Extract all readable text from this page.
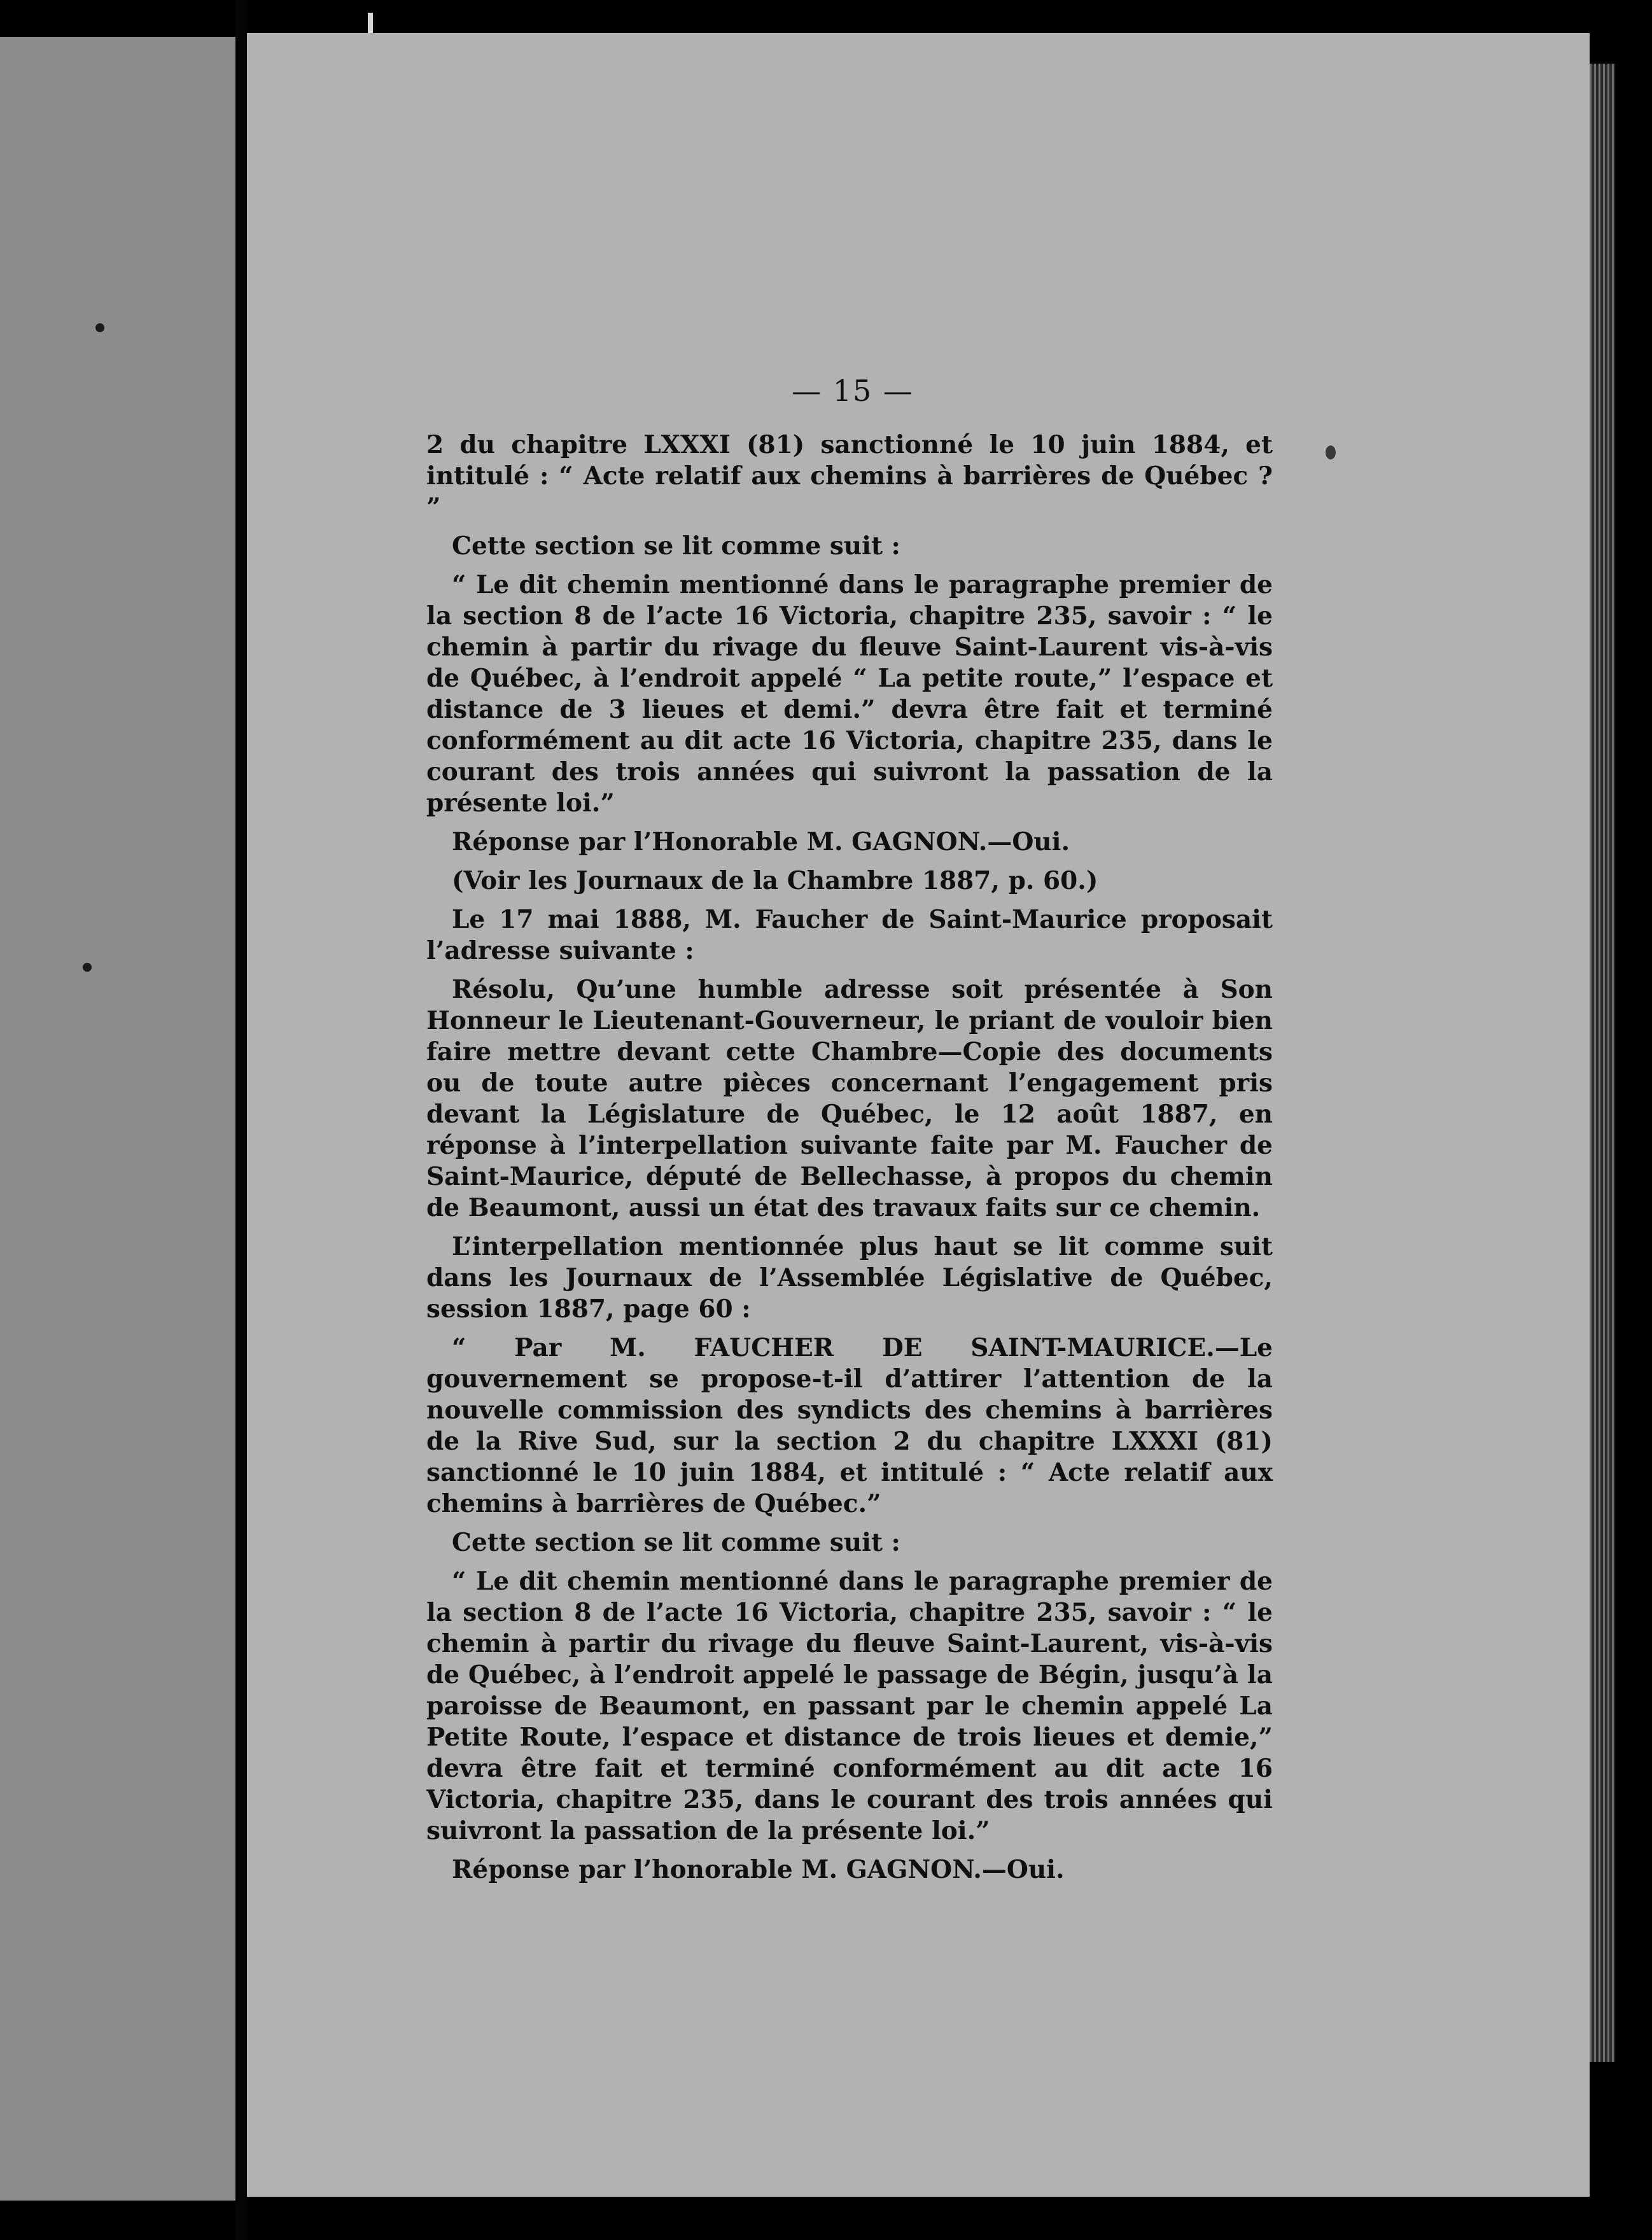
— 15 —

2 du chapitre LXXXI (81) sanctionné le 10 juin 1884, et intitulé : “ Acte relatif aux chemins à barrières de Québec ? ”

Cette section se lit comme suit :

“ Le dit chemin mentionné dans le paragraphe premier de la section 8 de l’acte 16 Victoria, chapitre 235, savoir : “ le chemin à partir du rivage du fleuve Saint-Laurent vis-à-vis de Québec, à l’endroit appelé “ La petite route,” l’espace et distance de 3 lieues et demi.” devra être fait et terminé conformément au dit acte 16 Victoria, chapitre 235, dans le courant des trois années qui suivront la passation de la présente loi.”

Réponse par l’Honorable M. GAGNON.—Oui.

(Voir les Journaux de la Chambre 1887, p. 60.)

Le 17 mai 1888, M. Faucher de Saint-Maurice proposait l’adresse suivante :

Résolu, Qu’une humble adresse soit présentée à Son Honneur le Lieutenant-Gouverneur, le priant de vouloir bien faire mettre devant cette Chambre—Copie des documents ou de toute autre pièces concernant l’engagement pris devant la Législature de Québec, le 12 août 1887, en réponse à l’interpellation suivante faite par M. Faucher de Saint-Maurice, député de Bellechasse, à propos du chemin de Beaumont, aussi un état des travaux faits sur ce chemin.

L’interpellation mentionnée plus haut se lit comme suit dans les Journaux de l’Assemblée Législative de Québec, session 1887, page 60 :

“ Par M. FAUCHER DE SAINT-MAURICE.—Le gouvernement se propose-t-il d’attirer l’attention de la nouvelle commission des syndicts des chemins à barrières de la Rive Sud, sur la section 2 du chapitre LXXXI (81) sanctionné le 10 juin 1884, et intitulé : “ Acte relatif aux chemins à barrières de Québec.”

Cette section se lit comme suit :

“ Le dit chemin mentionné dans le paragraphe premier de la section 8 de l’acte 16 Victoria, chapitre 235, savoir : “ le chemin à partir du rivage du fleuve Saint-Laurent, vis-à-vis de Québec, à l’endroit appelé le passage de Bégin, jusqu’à la paroisse de Beaumont, en passant par le chemin appelé La Petite Route, l’espace et distance de trois lieues et demie,” devra être fait et terminé conformément au dit acte 16 Victoria, chapitre 235, dans le courant des trois années qui suivront la passation de la présente loi.”

Réponse par l’honorable M. GAGNON.—Oui.
